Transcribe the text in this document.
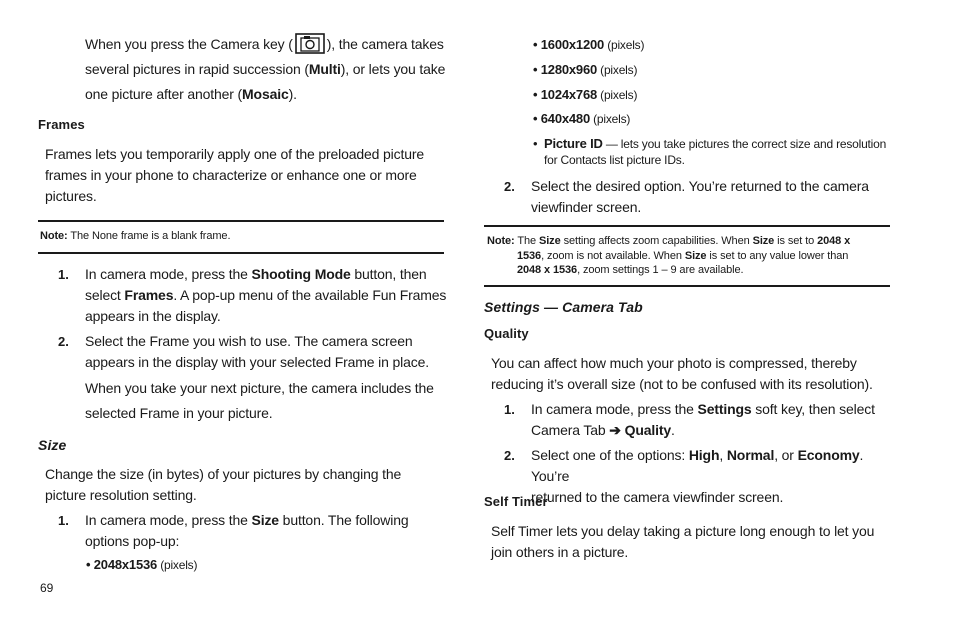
When you press the Camera key ( ), the camera takes
several pictures in rapid succession (Multi), or lets you take
one picture after another (Mosaic).
Frames
Frames lets you temporarily apply one of the preloaded picture
frames in your phone to characterize or enhance one or more
pictures.
Note: The None frame is a blank frame.
1. In camera mode, press the Shooting Mode button, then
select Frames. A pop-up menu of the available Fun Frames
appears in the display.
2. Select the Frame you wish to use. The camera screen
appears in the display with your selected Frame in place.
When you take your next picture, the camera includes the
selected Frame in your picture.
Size
Change the size (in bytes) of your pictures by changing the
picture resolution setting.
1. In camera mode, press the Size button. The following
options pop-up:
• 2048x1536 (pixels)
69
• 1600x1200 (pixels)
• 1280x960 (pixels)
• 1024x768 (pixels)
• 640x480 (pixels)
• Picture ID — lets you take pictures the correct size and resolution
for Contacts list picture IDs.
2. Select the desired option. You’re returned to the camera
viewfinder screen.
Note: The Size setting affects zoom capabilities. When Size is set to 2048 x
1536, zoom is not available. When Size is set to any value lower than
2048 x 1536, zoom settings 1 – 9 are available.
Settings — Camera Tab
Quality
You can affect how much your photo is compressed, thereby
reducing it’s overall size (not to be confused with its resolution).
1. In camera mode, press the Settings soft key, then select
Camera Tab ➔ Quality.
2. Select one of the options: High, Normal, or Economy. You’re
returned to the camera viewfinder screen.
Self Timer
Self Timer lets you delay taking a picture long enough to let you
join others in a picture.
